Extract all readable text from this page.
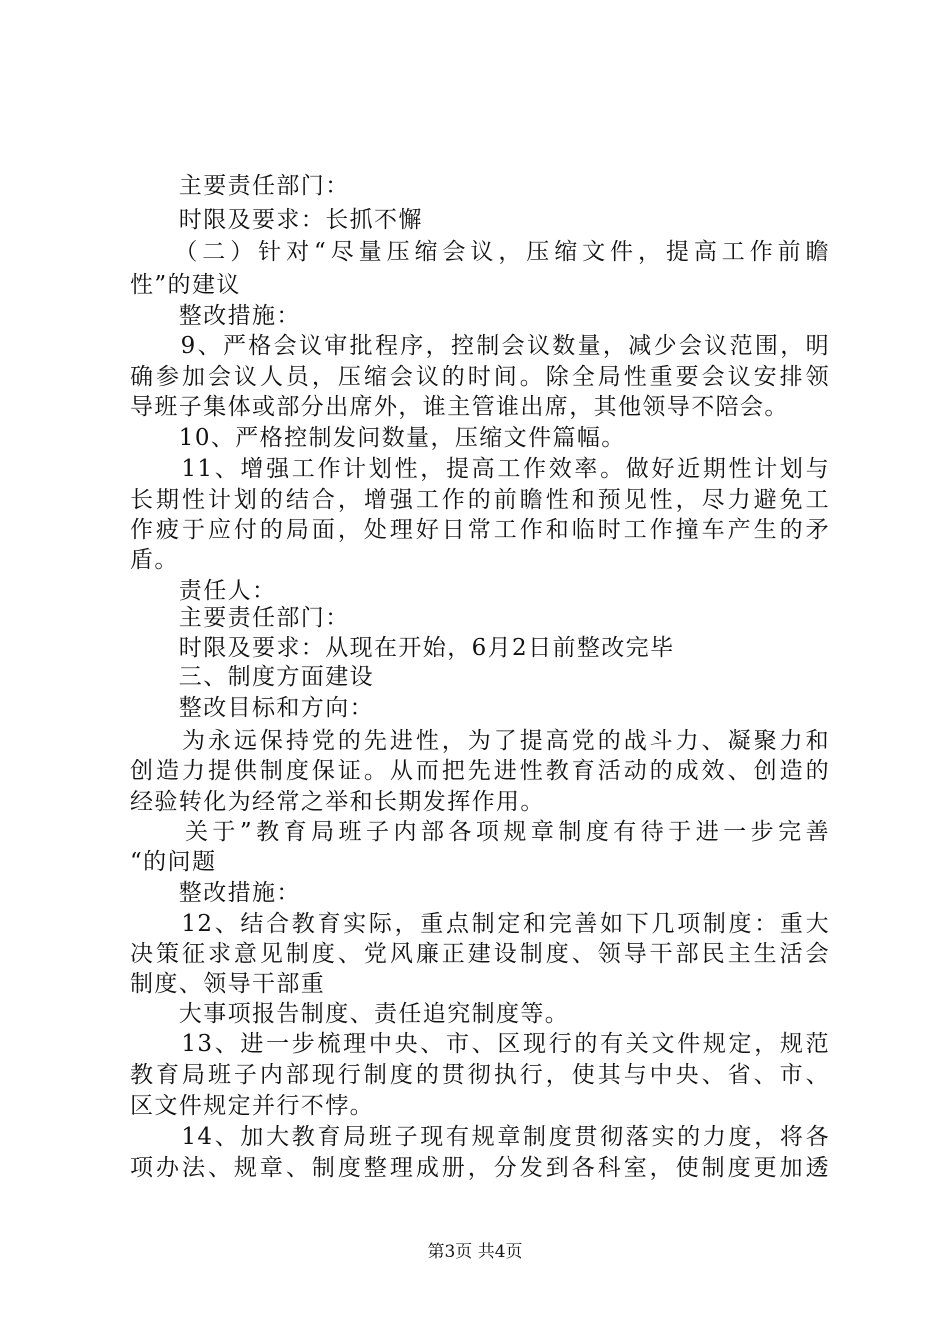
　　主要责任部门：
　　时限及要求：长抓不懈
　　（二）针对“尽量压缩会议，压缩文件，提高工作前瞻
性”的建议
　　整改措施：
　　9、严格会议审批程序，控制会议数量，减少会议范围，明
确参加会议人员，压缩会议的时间。除全局性重要会议安排领
导班子集体或部分出席外，谁主管谁出席，其他领导不陪会。
　　10、严格控制发问数量，压缩文件篇幅。
　　11、增强工作计划性，提高工作效率。做好近期性计划与
长期性计划的结合，增强工作的前瞻性和预见性，尽力避免工
作疲于应付的局面，处理好日常工作和临时工作撞车产生的矛
盾。
　　责任人：
　　主要责任部门：
　　时限及要求：从现在开始，6月2日前整改完毕
　　三、制度方面建设
　　整改目标和方向：
　　为永远保持党的先进性，为了提高党的战斗力、凝聚力和
创造力提供制度保证。从而把先进性教育活动的成效、创造的
经验转化为经常之举和长期发挥作用。
　　关于”教育局班子内部各项规章制度有待于进一步完善
“的问题
　　整改措施：
　　12、结合教育实际，重点制定和完善如下几项制度：重大
决策征求意见制度、党风廉正建设制度、领导干部民主生活会
制度、领导干部重
　　大事项报告制度、责任追究制度等。
　　13、进一步梳理中央、市、区现行的有关文件规定，规范
教育局班子内部现行制度的贯彻执行，使其与中央、省、市、
区文件规定并行不悖。
　　14、加大教育局班子现有规章制度贯彻落实的力度，将各
项办法、规章、制度整理成册，分发到各科室，使制度更加透
第3页 共4页
